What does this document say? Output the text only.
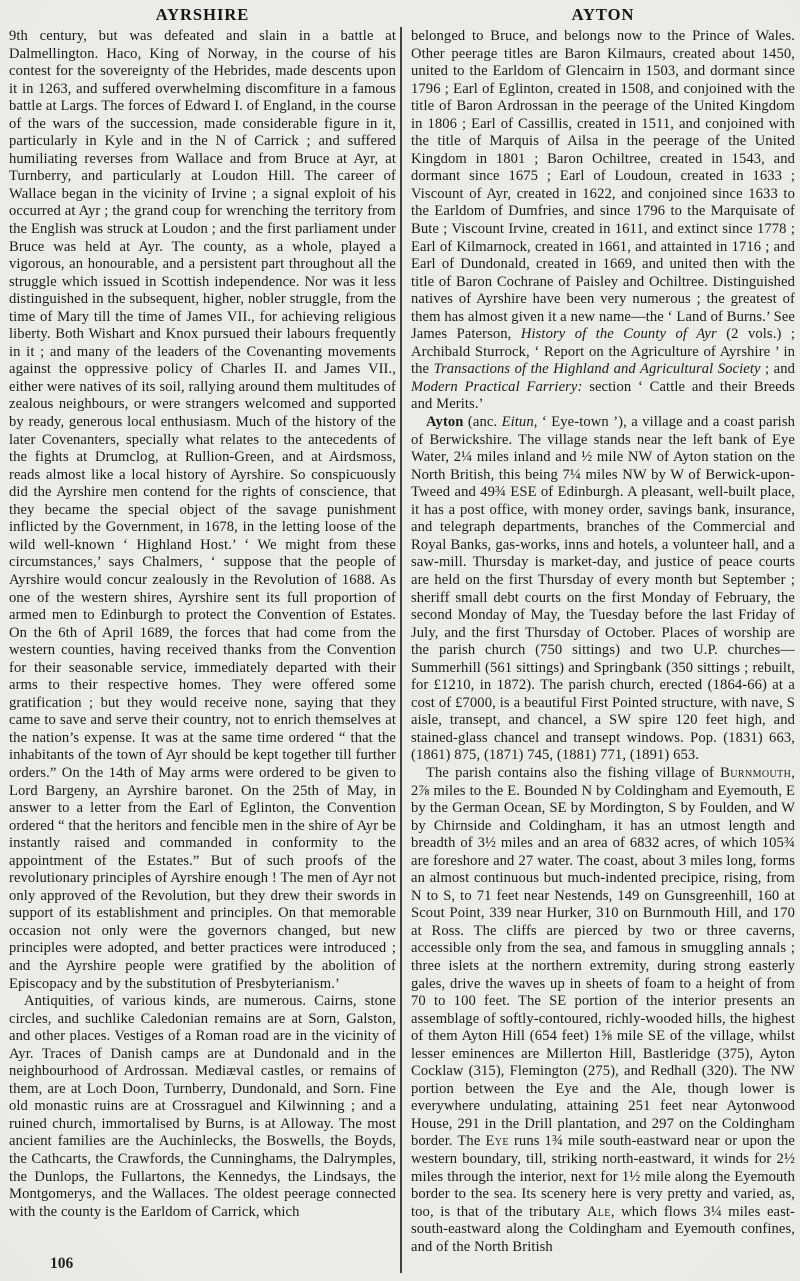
AYRSHIRE	AYTON

9th century, but was defeated and slain in a battle at Dalmellington. Haco, King of Norway, in the course of his contest for the sovereignty of the Hebrides, made descents upon it in 1263, and suffered overwhelming discomfiture in a famous battle at Largs. The forces of Edward I. of England, in the course of the wars of the succession, made considerable figure in it, particularly in Kyle and in the N of Carrick ; and suffered humiliating reverses from Wallace and from Bruce at Ayr, at Turnberry, and particularly at Loudon Hill. The career of Wallace began in the vicinity of Irvine ; a signal exploit of his occurred at Ayr ; the grand coup for wrenching the territory from the English was struck at Loudon ; and the first parliament under Bruce was held at Ayr. The county, as a whole, played a vigorous, an honourable, and a persistent part throughout all the struggle which issued in Scottish independence. Nor was it less distinguished in the subsequent, higher, nobler struggle, from the time of Mary till the time of James VII., for achieving religious liberty. Both Wishart and Knox pursued their labours frequently in it ; and many of the leaders of the Covenanting movements against the oppressive policy of Charles II. and James VII., either were natives of its soil, rallying around them multitudes of zealous neighbours, or were strangers welcomed and supported by ready, generous local enthusiasm. Much of the history of the later Covenanters, specially what relates to the antecedents of the fights at Drumclog, at Rullion-Green, and at Airdsmoss, reads almost like a local history of Ayrshire. So conspicuously did the Ayrshire men contend for the rights of conscience, that they became the special object of the savage punishment inflicted by the Government, in 1678, in the letting loose of the wild well-known ‘ Highland Host.’ ‘ We might from these circumstances,’ says Chalmers, ‘ suppose that the people of Ayrshire would concur zealously in the Revolution of 1688. As one of the western shires, Ayrshire sent its full proportion of armed men to Edinburgh to protect the Convention of Estates. On the 6th of April 1689, the forces that had come from the western counties, having received thanks from the Convention for their seasonable service, immediately departed with their arms to their respective homes. They were offered some gratification ; but they would receive none, saying that they came to save and serve their country, not to enrich themselves at the nation’s expense. It was at the same time ordered “ that the inhabitants of the town of Ayr should be kept together till further orders.” On the 14th of May arms were ordered to be given to Lord Bargeny, an Ayrshire baronet. On the 25th of May, in answer to a letter from the Earl of Eglinton, the Convention ordered “ that the heritors and fencible men in the shire of Ayr be instantly raised and commanded in conformity to the appointment of the Estates.” But of such proofs of the revolutionary principles of Ayrshire enough ! The men of Ayr not only approved of the Revolution, but they drew their swords in support of its establishment and principles. On that memorable occasion not only were the governors changed, but new principles were adopted, and better practices were introduced ; and the Ayrshire people were gratified by the abolition of Episcopacy and by the substitution of Presbyterianism.’

Antiquities, of various kinds, are numerous. Cairns, stone circles, and suchlike Caledonian remains are at Sorn, Galston, and other places. Vestiges of a Roman road are in the vicinity of Ayr. Traces of Danish camps are at Dundonald and in the neighbourhood of Ardrossan. Mediæval castles, or remains of them, are at Loch Doon, Turnberry, Dundonald, and Sorn. Fine old monastic ruins are at Crossraguel and Kilwinning ; and a ruined church, immortalised by Burns, is at Alloway. The most ancient families are the Auchinlecks, the Boswells, the Boyds, the Cathcarts, the Crawfords, the Cunninghams, the Dalrymples, the Dunlops, the Fullartons, the Kennedys, the Lindsays, the Montgomerys, and the Wallaces. The oldest peerage connected with the county is the Earldom of Carrick, which

belonged to Bruce, and belongs now to the Prince of Wales. Other peerage titles are Baron Kilmaurs, created about 1450, united to the Earldom of Glencairn in 1503, and dormant since 1796 ; Earl of Eglinton, created in 1508, and conjoined with the title of Baron Ardrossan in the peerage of the United Kingdom in 1806 ; Earl of Cassillis, created in 1511, and conjoined with the title of Marquis of Ailsa in the peerage of the United Kingdom in 1801 ; Baron Ochiltree, created in 1543, and dormant since 1675 ; Earl of Loudoun, created in 1633 ; Viscount of Ayr, created in 1622, and conjoined since 1633 to the Earldom of Dumfries, and since 1796 to the Marquisate of Bute ; Viscount Irvine, created in 1611, and extinct since 1778 ; Earl of Kilmarnock, created in 1661, and attainted in 1716 ; and Earl of Dundonald, created in 1669, and united then with the title of Baron Cochrane of Paisley and Ochiltree. Distinguished natives of Ayrshire have been very numerous ; the greatest of them has almost given it a new name—the ‘ Land of Burns.’ See James Paterson, History of the County of Ayr (2 vols.) ; Archibald Sturrock, ‘ Report on the Agriculture of Ayrshire ’ in the Transactions of the Highland and Agricultural Society ; and Modern Practical Farriery: section ‘ Cattle and their Breeds and Merits.’

Ayton (anc. Eitun, ‘ Eye-town ’), a village and a coast parish of Berwickshire. The village stands near the left bank of Eye Water, 2¼ miles inland and ½ mile NW of Ayton station on the North British, this being 7¼ miles NW by W of Berwick-upon-Tweed and 49¾ ESE of Edinburgh. A pleasant, well-built place, it has a post office, with money order, savings bank, insurance, and telegraph departments, branches of the Commercial and Royal Banks, gas-works, inns and hotels, a volunteer hall, and a saw-mill. Thursday is market-day, and justice of peace courts are held on the first Thursday of every month but September ; sheriff small debt courts on the first Monday of February, the second Monday of May, the Tuesday before the last Friday of July, and the first Thursday of October. Places of worship are the parish church (750 sittings) and two U.P. churches—Summerhill (561 sittings) and Springbank (350 sittings ; rebuilt, for £1210, in 1872). The parish church, erected (1864-66) at a cost of £7000, is a beautiful First Pointed structure, with nave, S aisle, transept, and chancel, a SW spire 120 feet high, and stained-glass chancel and transept windows. Pop. (1831) 663, (1861) 875, (1871) 745, (1881) 771, (1891) 653.

The parish contains also the fishing village of Burnmouth, 2⅞ miles to the E. Bounded N by Coldingham and Eyemouth, E by the German Ocean, SE by Mordington, S by Foulden, and W by Chirnside and Coldingham, it has an utmost length and breadth of 3½ miles and an area of 6832 acres, of which 105¾ are foreshore and 27 water. The coast, about 3 miles long, forms an almost continuous but much-indented precipice, rising, from N to S, to 71 feet near Nestends, 149 on Gunsgreenhill, 160 at Scout Point, 339 near Hurker, 310 on Burnmouth Hill, and 170 at Ross. The cliffs are pierced by two or three caverns, accessible only from the sea, and famous in smuggling annals ; three islets at the northern extremity, during strong easterly gales, drive the waves up in sheets of foam to a height of from 70 to 100 feet. The SE portion of the interior presents an assemblage of softly-contoured, richly-wooded hills, the highest of them Ayton Hill (654 feet) 1⅝ mile SE of the village, whilst lesser eminences are Millerton Hill, Bastleridge (375), Ayton Cocklaw (315), Flemington (275), and Redhall (320). The NW portion between the Eye and the Ale, though lower is everywhere undulating, attaining 251 feet near Aytonwood House, 291 in the Drill plantation, and 297 on the Coldingham border. The Eye runs 1¾ mile south-eastward near or upon the western boundary, till, striking north-eastward, it winds for 2½ miles through the interior, next for 1½ mile along the Eyemouth border to the sea. Its scenery here is very pretty and varied, as, too, is that of the tributary Ale, which flows 3¼ miles east-south-eastward along the Coldingham and Eyemouth confines, and of the North British

106
